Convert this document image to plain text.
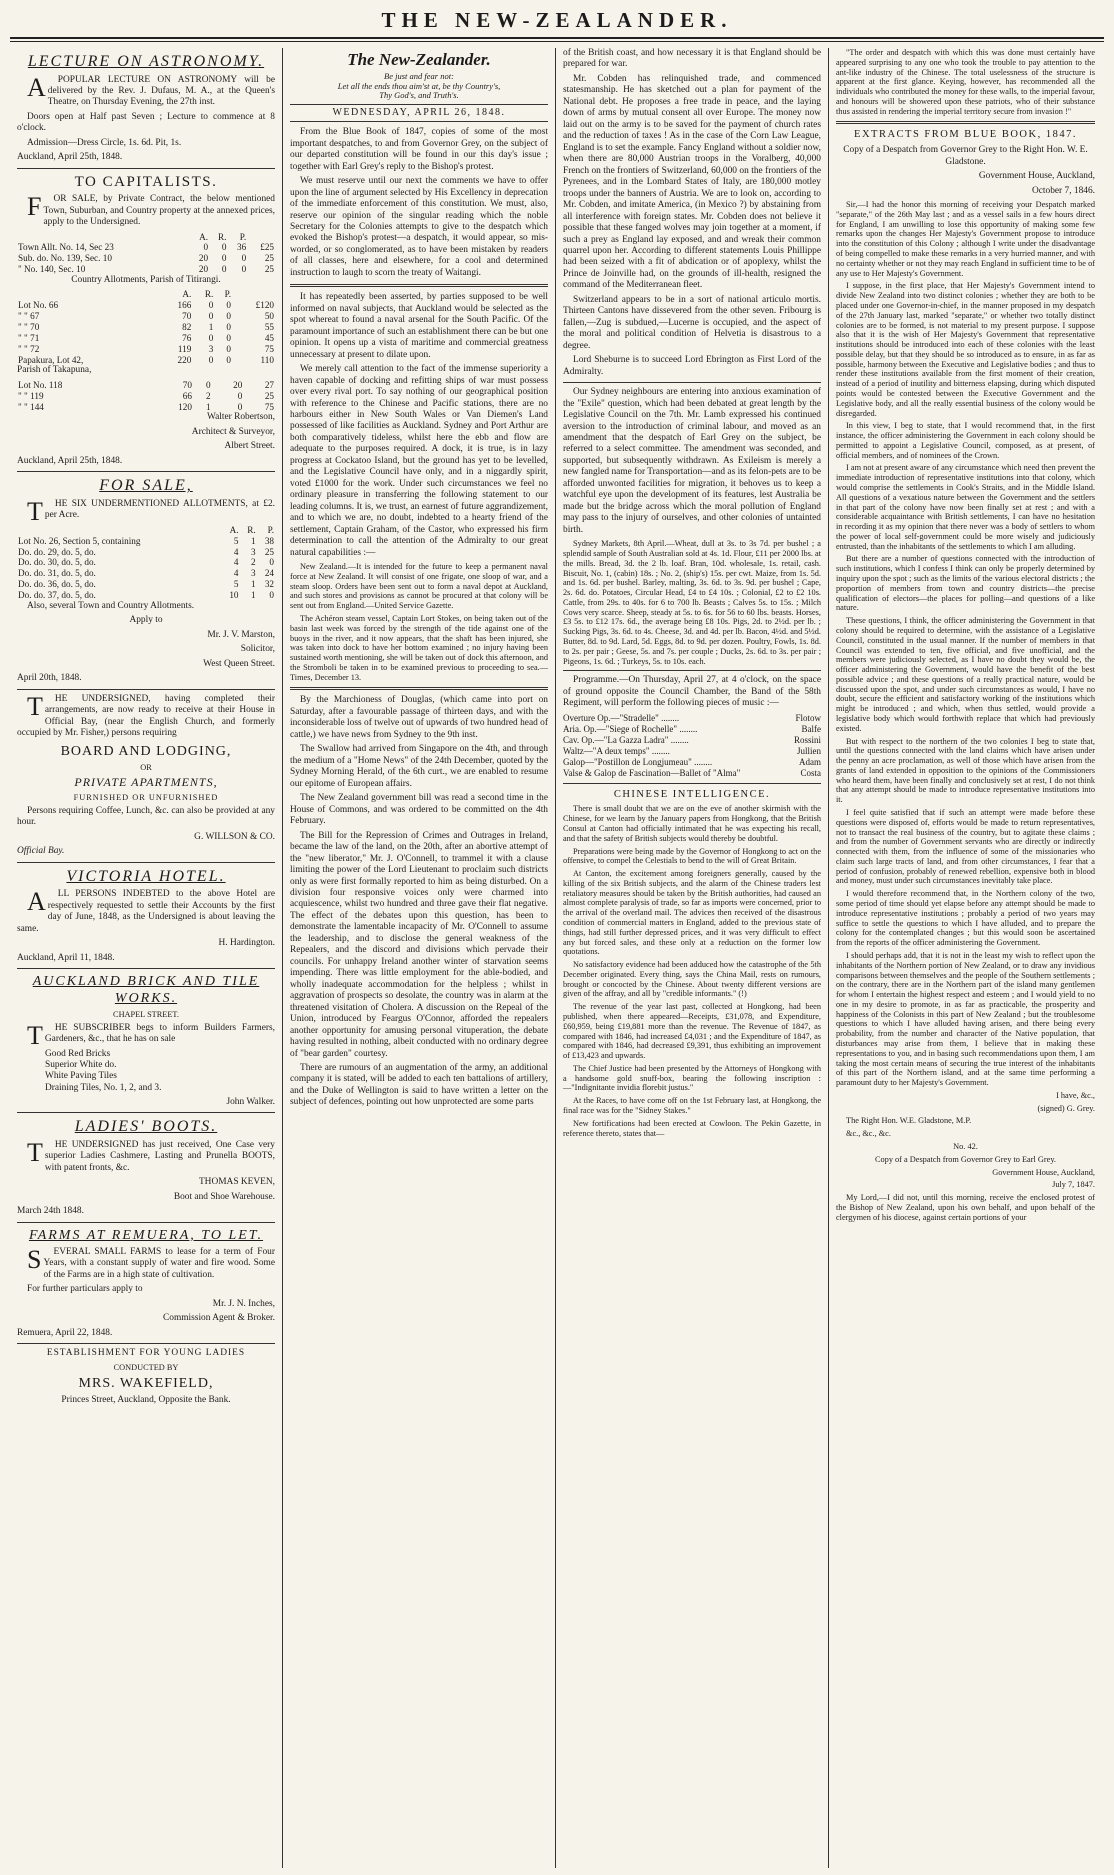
THE NEW-ZEALANDER.
LECTURE ON ASTRONOMY.

APOPULAR LECTURE ON ASTRONOMY will be delivered by the Rev. J. Dufaus, M. A., at the Queen's Theatre, on Thursday Evening, the 27th inst.

Doors open at Half past Seven ; Lecture to commence at 8 o'clock.

Admission—Dress Circle, 1s. 6d. Pit, 1s.

Auckland, April 25th, 1848.

TO CAPITALISTS.

FOR SALE, by Private Contract, the below mentioned Town, Suburban, and Country property at the annexed prices, apply to the Undersigned.

	A.	R.	P.	
Town Allt. No. 14, Sec 23	0	0	36	£25
Sub. do. No. 139, Sec. 10	20	0	0	25
" No. 140, Sec. 10	20	0	0	25

Country Allotments, Parish of Titirangi.

	A.	R.	P.	
Lot No. 66	166	0	0	£120
" " 67	70	0	0	50
" " 70	82	1	0	55
" " 71	76	0	0	45
" " 72	119	3	0	75
Papakura, Lot 42,	220	0	0	110

Parish of Takapuna,

Lot No. 118	70	0	20	27
" " 119	66	2	0	25
" " 144	120	1	0	75

Walter Robertson,

Architect & Surveyor,

Albert Street.

Auckland, April 25th, 1848.

FOR SALE,

THE SIX UNDERMENTIONED ALLOTMENTS, at £2. per Acre.

	A.	R.	P.
Lot No. 26, Section 5, containing	5	1	38
Do. do. 29, do. 5, do.	4	3	25
Do. do. 30, do. 5, do.	4	2	0
Do. do. 31, do. 5, do.	4	3	24
Do. do. 36, do. 5, do.	5	1	32
Do. do. 37, do. 5, do.	10	1	0

Also, several Town and Country Allotments.

Apply to

Mr. J. V. Marston,

Solicitor,

West Queen Street.

April 20th, 1848.

THE UNDERSIGNED, having completed their arrangements, are now ready to receive at their House in Official Bay, (near the English Church, and formerly occupied by Mr. Fisher,) persons requiring

BOARD AND LODGING,

OR

PRIVATE APARTMENTS,

FURNISHED OR UNFURNISHED

Persons requiring Coffee, Lunch, &c. can also be provided at any hour.

G. WILLSON & CO.

Official Bay.

VICTORIA HOTEL.

ALL PERSONS INDEBTED to the above Hotel are respectively requested to settle their Accounts by the first day of June, 1848, as the Undersigned is about leaving the same.

H. Hardington.

Auckland, April 11, 1848.

AUCKLAND BRICK AND TILE WORKS.

CHAPEL STREET.

THE SUBSCRIBER begs to inform Builders Farmers, Gardeners, &c., that he has on sale

Good Red Bricks
Superior White do.
White Paving Tiles
Draining Tiles, No. 1, 2, and 3.

John Walker.

LADIES' BOOTS.

THE UNDERSIGNED has just received, One Case very superior Ladies Cashmere, Lasting and Prunella BOOTS, with patent fronts, &c.

THOMAS KEVEN,

Boot and Shoe Warehouse.

March 24th 1848.

FARMS AT REMUERA, TO LET.

SEVERAL SMALL FARMS to lease for a term of Four Years, with a constant supply of water and fire wood. Some of the Farms are in a high state of cultivation.

For further particulars apply to

Mr. J. N. Inches,

Commission Agent & Broker.

Remuera, April 22, 1848.

ESTABLISHMENT FOR YOUNG LADIES

CONDUCTED BY

MRS. WAKEFIELD,

Princes Street, Auckland, Opposite the Bank.

The New-Zealander.
Be just and fear not:
Let all the ends thou aim'st at, be thy Country's,
Thy God's, and Truth's.
WEDNESDAY, APRIL 26, 1848.

From the Blue Book of 1847, copies of some of the most important despatches, to and from Governor Grey, on the subject of our departed constitution will be found in our this day's issue ; together with Earl Grey's reply to the Bishop's protest.

We must reserve until our next the comments we have to offer upon the line of argument selected by His Excellency in deprecation of the immediate enforcement of this constitution. We must, also, reserve our opinion of the singular reading which the noble Secretary for the Colonies attempts to give to the despatch which evoked the Bishop's protest—a despatch, it would appear, so mis-worded, or so conglomerated, as to have been mistaken by readers of all classes, here and elsewhere, for a cool and determined instruction to laugh to scorn the treaty of Waitangi.

It has repeatedly been asserted, by parties supposed to be well informed on naval subjects, that Auckland would be selected as the spot whereat to found a naval arsenal for the South Pacific. Of the paramount importance of such an establishment there can be but one opinion. It opens up a vista of maritime and commercial greatness unnecessary at present to dilate upon.

We merely call attention to the fact of the immense superiority a haven capable of docking and refitting ships of war must possess over every rival port. To say nothing of our geographical position with reference to the Chinese and Pacific stations, there are no harbours either in New South Wales or Van Diemen's Land possessed of like facilities as Auckland. Sydney and Port Arthur are both comparatively tideless, whilst here the ebb and flow are adequate to the purposes required. A dock, it is true, is in lazy progress at Cockatoo Island, but the ground has yet to be levelled, and the Legislative Council have only, and in a niggardly spirit, voted £1000 for the work. Under such circumstances we feel no ordinary pleasure in transferring the following statement to our leading columns. It is, we trust, an earnest of future aggrandizement, and to which we are, no doubt, indebted to a hearty friend of the settlement, Captain Graham, of the Castor, who expressed his firm determination to call the attention of the Admiralty to our great natural capabilities :—

New Zealand.—It is intended for the future to keep a permanent naval force at New Zealand. It will consist of one frigate, one sloop of war, and a steam sloop. Orders have been sent out to form a naval depot at Auckland, and such stores and provisions as cannot be procured at that colony will be sent out from England.—United Service Gazette.

The Achéron steam vessel, Captain Lort Stokes, on being taken out of the basin last week was forced by the strength of the tide against one of the buoys in the river, and it now appears, that the shaft has been injured, she was taken into dock to have her bottom examined ; no injury having been sustained worth mentioning, she will be taken out of dock this afternoon, and the Stromboli be taken in to be examined previous to proceeding to sea.—Times, December 13.

By the Marchioness of Douglas, (which came into port on Saturday, after a favourable passage of thirteen days, and with the inconsiderable loss of twelve out of upwards of two hundred head of cattle,) we have news from Sydney to the 9th inst.

The Swallow had arrived from Singapore on the 4th, and through the medium of a "Home News" of the 24th December, quoted by the Sydney Morning Herald, of the 6th curt., we are enabled to resume our epitome of European affairs.

The New Zealand government bill was read a second time in the House of Commons, and was ordered to be committed on the 4th February.

The Bill for the Repression of Crimes and Outrages in Ireland, became the law of the land, on the 20th, after an abortive attempt of the "new liberator," Mr. J. O'Connell, to trammel it with a clause limiting the power of the Lord Lieutenant to proclaim such districts only as were first formally reported to him as being disturbed. On a division four responsive voices only were charmed into acquiescence, whilst two hundred and three gave their flat negative. The effect of the debates upon this question, has been to demonstrate the lamentable incapacity of Mr. O'Connell to assume the leadership, and to disclose the general weakness of the Repealers, and the discord and divisions which pervade their councils. For unhappy Ireland another winter of starvation seems impending. There was little employment for the able-bodied, and wholly inadequate accommodation for the helpless ; whilst in aggravation of prospects so desolate, the country was in alarm at the threatened visitation of Cholera. A discussion on the Repeal of the Union, introduced by Feargus O'Connor, afforded the repealers another opportunity for amusing personal vituperation, the debate having resulted in nothing, albeit conducted with no ordinary degree of "bear garden" courtesy.

There are rumours of an augmentation of the army, an additional company it is stated, will be added to each ten battalions of artillery, and the Duke of Wellington is said to have written a letter on the subject of defences, pointing out how unprotected are some parts

of the British coast, and how necessary it is that England should be prepared for war.

Mr. Cobden has relinquished trade, and commenced statesmanship. He has sketched out a plan for payment of the National debt. He proposes a free trade in peace, and the laying down of arms by mutual consent all over Europe. The money now laid out on the army is to be saved for the payment of church rates and the reduction of taxes ! As in the case of the Corn Law League, England is to set the example. Fancy England without a soldier now, when there are 80,000 Austrian troops in the Voralberg, 40,000 French on the frontiers of Switzerland, 60,000 on the frontiers of the Pyrenees, and in the Lombard States of Italy, are 180,000 motley troops under the banners of Austria. We are to look on, according to Mr. Cobden, and imitate America, (in Mexico ?) by abstaining from all interference with foreign states. Mr. Cobden does not believe it possible that these fanged wolves may join together at a moment, if such a prey as England lay exposed, and and wreak their common quarrel upon her. According to different statements Louis Phillippe had been seized with a fit of abdication or of apoplexy, whilst the Prince de Joinville had, on the grounds of ill-health, resigned the command of the Mediterranean fleet.

Switzerland appears to be in a sort of national articulo mortis. Thirteen Cantons have dissevered from the other seven. Fribourg is fallen,—Zug is subdued,—Lucerne is occupied, and the aspect of the moral and political condition of Helvetia is disastrous to a degree.

Lord Sheburne is to succeed Lord Ebrington as First Lord of the Admiralty.

Our Sydney neighbours are entering into anxious examination of the "Exile" question, which had been debated at great length by the Legislative Council on the 7th. Mr. Lamb expressed his continued aversion to the introduction of criminal labour, and moved as an amendment that the despatch of Earl Grey on the subject, be referred to a select committee. The amendment was seconded, and supported, but subsequently withdrawn. As Exileism is merely a new fangled name for Transportation—and as its felon-pets are to be afforded unwonted facilities for migration, it behoves us to keep a watchful eye upon the development of its features, lest Australia be made but the bridge across which the moral pollution of England may pass to the injury of ourselves, and other colonies of untainted birth.

Sydney Markets, 8th April.—Wheat, dull at 3s. to 3s 7d. per bushel ; a splendid sample of South Australian sold at 4s. 1d. Flour, £11 per 2000 lbs. at the mills. Bread, 3d. the 2 lb. loaf. Bran, 10d. wholesale, 1s. retail, cash. Biscuit, No. 1, (cabin) 18s. ; No. 2, (ship's) 15s. per cwt. Maize, from 1s. 5d. and 1s. 6d. per bushel. Barley, malting, 3s. 6d. to 3s. 9d. per bushel ; Cape, 2s. 6d. do. Potatoes, Circular Head, £4 to £4 10s. ; Colonial, £2 to £2 10s. Cattle, from 29s. to 40s. for 6 to 700 lb. Beasts ; Calves 5s. to 15s. ; Milch Cows very scarce. Sheep, steady at 5s. to 6s. for 56 to 60 lbs. beasts. Horses, £3 5s. to £12 17s. 6d., the average being £8 10s. Pigs, 2d. to 2½d. per lb. ; Sucking Pigs, 3s. 6d. to 4s. Cheese, 3d. and 4d. per lb. Bacon, 4½d. and 5½d. Butter, 8d. to 9d. Lard, 5d. Eggs, 8d. to 9d. per dozen. Poultry, Fowls, 1s. 8d. to 2s. per pair ; Geese, 5s. and 7s. per couple ; Ducks, 2s. 6d. to 3s. per pair ; Pigeons, 1s. 6d. ; Turkeys, 5s. to 10s. each.

Programme.—On Thursday, April 27, at 4 o'clock, on the space of ground opposite the Council Chamber, the Band of the 58th Regiment, will perform the following pieces of music :—

Overture Op.—"Stradelle" ........	Flotow
Aria. Op.—"Siege of Rochelle" ........	Balfe
Cav. Op.—"La Gazza Ladra" ........	Rossini
Waltz—"A deux temps" ........	Jullien
Galop—"Postillon de Longjumeau" ........	Adam
Valse & Galop de Fascination—Ballet of "Alma"	Costa
CHINESE INTELLIGENCE.

There is small doubt that we are on the eve of another skirmish with the Chinese, for we learn by the January papers from Hongkong, that the British Consul at Canton had officially intimated that he was expecting his recall, and that the safety of British subjects would thereby be doubtful.

Preparations were being made by the Governor of Hongkong to act on the offensive, to compel the Celestials to bend to the will of Great Britain.

At Canton, the excitement among foreigners generally, caused by the killing of the six British subjects, and the alarm of the Chinese traders lest retaliatory measures should be taken by the British authorities, had caused an almost complete paralysis of trade, so far as imports were concerned, prior to the arrival of the overland mail. The advices then received of the disastrous condition of commercial matters in England, added to the previous state of things, had still further depressed prices, and it was very difficult to effect any but forced sales, and these only at a reduction on the former low quotations.

No satisfactory evidence had been adduced how the catastrophe of the 5th December originated. Every thing, says the China Mail, rests on rumours, brought or concocted by the Chinese. About twenty different versions are given of the affray, and all by "credible informants." (!)

The revenue of the year last past, collected at Hongkong, had been published, when there appeared—Receipts, £31,078, and Expenditure, £60,959, being £19,881 more than the revenue. The Revenue of 1847, as compared with 1846, had increased £4,031 ; and the Expenditure of 1847, as compared with 1846, had decreased £9,391, thus exhibiting an improvement of £13,423 and upwards.

The Chief Justice had been presented by the Attorneys of Hongkong with a handsome gold snuff-box, bearing the following inscription :—"Indignitante invidia florebit justus."

At the Races, to have come off on the 1st February last, at Hongkong, the final race was for the "Sidney Stakes."

New fortifications had been erected at Cowloon. The Pekin Gazette, in reference thereto, states that—

"The order and despatch with which this was done must certainly have appeared surprising to any one who took the trouble to pay attention to the ant-like industry of the Chinese. The total uselessness of the structure is apparent at the first glance. Keying, however, has recommended all the individuals who contributed the money for these walls, to the imperial favour, and honours will be showered upon these patriots, who of their substance thus assisted in rendering the imperial territory secure from invasion !"

EXTRACTS FROM BLUE BOOK, 1847.

Copy of a Despatch from Governor Grey to the Right Hon. W. E. Gladstone.

Government House, Auckland,

October 7, 1846.

Sir,—I had the honor this morning of receiving your Despatch marked "separate," of the 26th May last ; and as a vessel sails in a few hours direct for England, I am unwilling to lose this opportunity of making some few remarks upon the changes Her Majesty's Government propose to introduce into the constitution of this Colony ; although I write under the disadvantage of being compelled to make these remarks in a very hurried manner, and with no certainty whether or not they may reach England in sufficient time to be of any use to Her Majesty's Government.

I suppose, in the first place, that Her Majesty's Government intend to divide New Zealand into two distinct colonies ; whether they are both to be placed under one Governor-in-chief, in the manner proposed in my despatch of the 27th January last, marked "separate," or whether two totally distinct colonies are to be formed, is not material to my present purpose. I suppose also that it is the wish of Her Majesty's Government that representative institutions should be introduced into each of these colonies with the least possible delay, but that they should be so introduced as to ensure, in as far as possible, harmony between the Executive and Legislative bodies ; and thus to render these institutions available from the first moment of their creation, instead of a period of inutility and bitterness elapsing, during which disputed points would be contested between the Executive Government and the Legislative body, and all the really essential business of the colony would be disregarded.

In this view, I beg to state, that I would recommend that, in the first instance, the officer administering the Government in each colony should be permitted to appoint a Legislative Council, composed, as at present, of official members, and of nominees of the Crown.

I am not at present aware of any circumstance which need then prevent the immediate introduction of representative institutions into that colony, which would comprise the settlements in Cook's Straits, and in the Middle Island. All questions of a vexatious nature between the Government and the settlers in that part of the colony have now been finally set at rest ; and with a considerable acquaintance with British settlements, I can have no hesitation in recording it as my opinion that there never was a body of settlers to whom the power of local self-government could be more wisely and judiciously entrusted, than the inhabitants of the settlements to which I am alluding.

But there are a number of questions connected with the introduction of such institutions, which I confess I think can only be properly determined by inquiry upon the spot ; such as the limits of the various electoral districts ; the proportion of members from town and country districts—the precise qualification of electors—the places for polling—and questions of a like nature.

These questions, I think, the officer administering the Government in that colony should be required to determine, with the assistance of a Legislative Council, constituted in the usual manner. If the number of members in that Council was extended to ten, five official, and five unofficial, and the members were judiciously selected, as I have no doubt they would be, the officer administering the Government, would have the benefit of the best possible advice ; and these questions of a really practical nature, would be discussed upon the spot, and under such circumstances as would, I have no doubt, secure the efficient and satisfactory working of the institutions which might be introduced ; and which, when thus settled, would provide a legislative body which would forthwith replace that which had previously existed.

But with respect to the northern of the two colonies I beg to state that, until the questions connected with the land claims which have arisen under the penny an acre proclamation, as well of those which have arisen from the grants of land extended in opposition to the opinions of the Commissioners who heard them, have been finally and conclusively set at rest, I do not think that any attempt should be made to introduce representative institutions into it.

I feel quite satisfied that if such an attempt were made before these questions were disposed of, efforts would be made to return representatives, not to transact the real business of the country, but to agitate these claims ; and from the number of Government servants who are directly or indirectly connected with them, from the influence of some of the missionaries who claim such large tracts of land, and from other circumstances, I fear that a period of confusion, probably of renewed rebellion, expensive both in blood and money, must under such circumstances inevitably take place.

I would therefore recommend that, in the Northern colony of the two, some period of time should yet elapse before any attempt should be made to introduce representative institutions ; probably a period of two years may suffice to settle the questions to which I have alluded, and to prepare the colony for the contemplated changes ; but this would soon be ascertained from the reports of the officer administering the Government.

I should perhaps add, that it is not in the least my wish to reflect upon the inhabitants of the Northern portion of New Zealand, or to draw any invidious comparisons between themselves and the people of the Southern settlements ; on the contrary, there are in the Northern part of the island many gentlemen for whom I entertain the highest respect and esteem ; and I would yield to no one in my desire to promote, in as far as practicable, the prosperity and happiness of the Colonists in this part of New Zealand ; but the troublesome questions to which I have alluded having arisen, and there being every probability, from the number and character of the Native population, that disturbances may arise from them, I believe that in making these representations to you, and in basing such recommendations upon them, I am taking the most certain means of securing the true interest of the inhabitants of this part of the Northern island, and at the same time performing a paramount duty to her Majesty's Government.

I have, &c.,

(signed) G. Grey.

The Right Hon. W.E. Gladstone, M.P.

&c., &c., &c.

No. 42.

Copy of a Despatch from Governor Grey to Earl Grey.

Government House, Auckland,

July 7, 1847.

My Lord,—I did not, until this morning, receive the enclosed protest of the Bishop of New Zealand, upon his own behalf, and upon behalf of the clergymen of his diocese, against certain portions of your
